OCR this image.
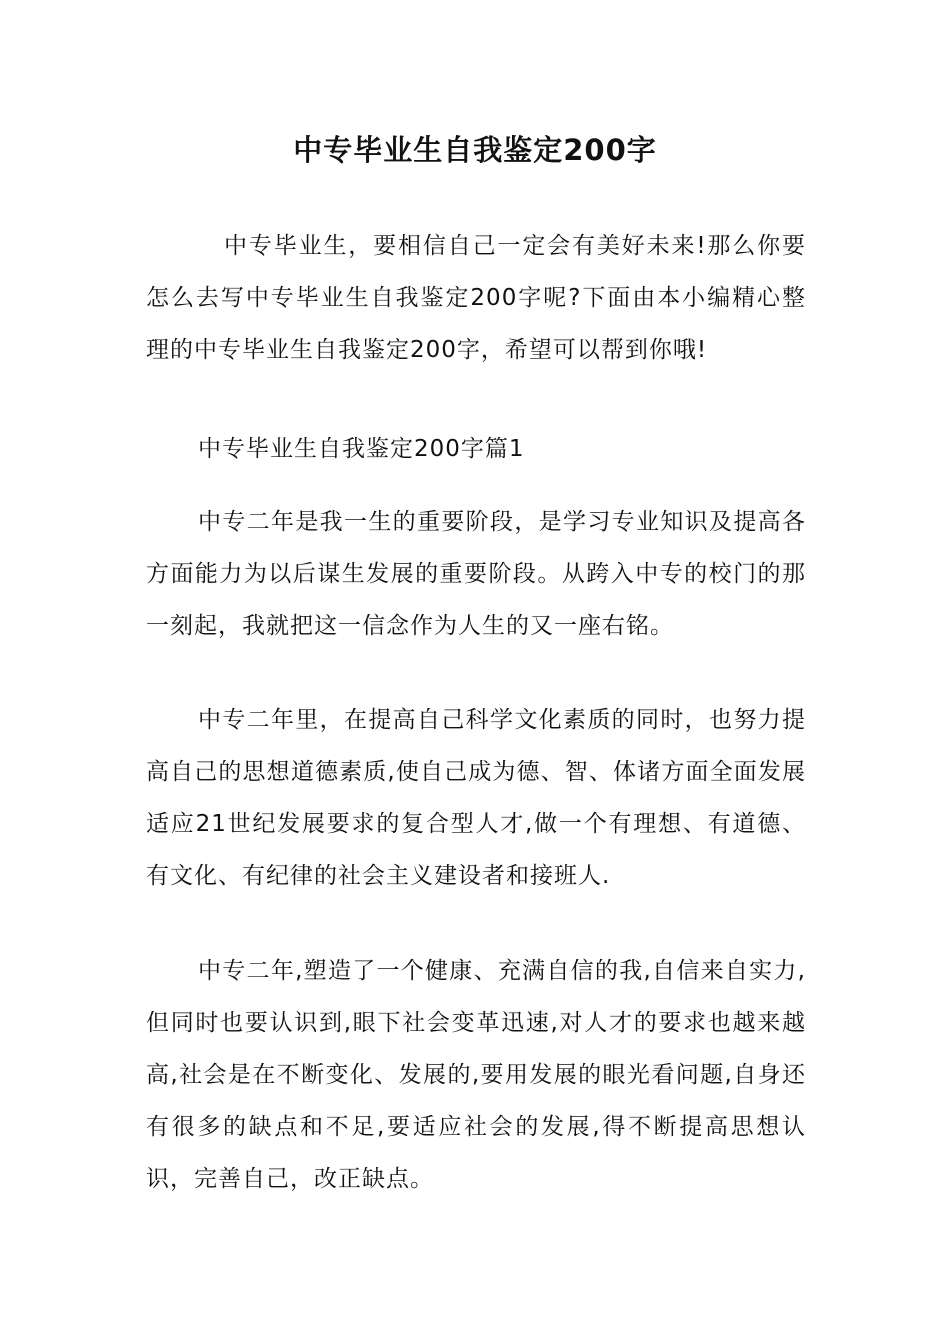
中专毕业生自我鉴定200字

中专毕业生，要相信自己一定会有美好未来!那么你要怎么去写中专毕业生自我鉴定200字呢?下面由本小编精心整理的中专毕业生自我鉴定200字，希望可以帮到你哦!

中专毕业生自我鉴定200字篇1

中专二年是我一生的重要阶段，是学习专业知识及提高各方面能力为以后谋生发展的重要阶段。从跨入中专的校门的那一刻起，我就把这一信念作为人生的又一座右铭。

中专二年里，在提高自己科学文化素质的同时，也努力提高自己的思想道德素质,使自己成为德、智、体诸方面全面发展适应21世纪发展要求的复合型人才,做一个有理想、有道德、有文化、有纪律的社会主义建设者和接班人.

中专二年,塑造了一个健康、充满自信的我,自信来自实力,但同时也要认识到,眼下社会变革迅速,对人才的要求也越来越高,社会是在不断变化、发展的,要用发展的眼光看问题,自身还有很多的缺点和不足,要适应社会的发展,得不断提高思想认识，完善自己，改正缺点。
